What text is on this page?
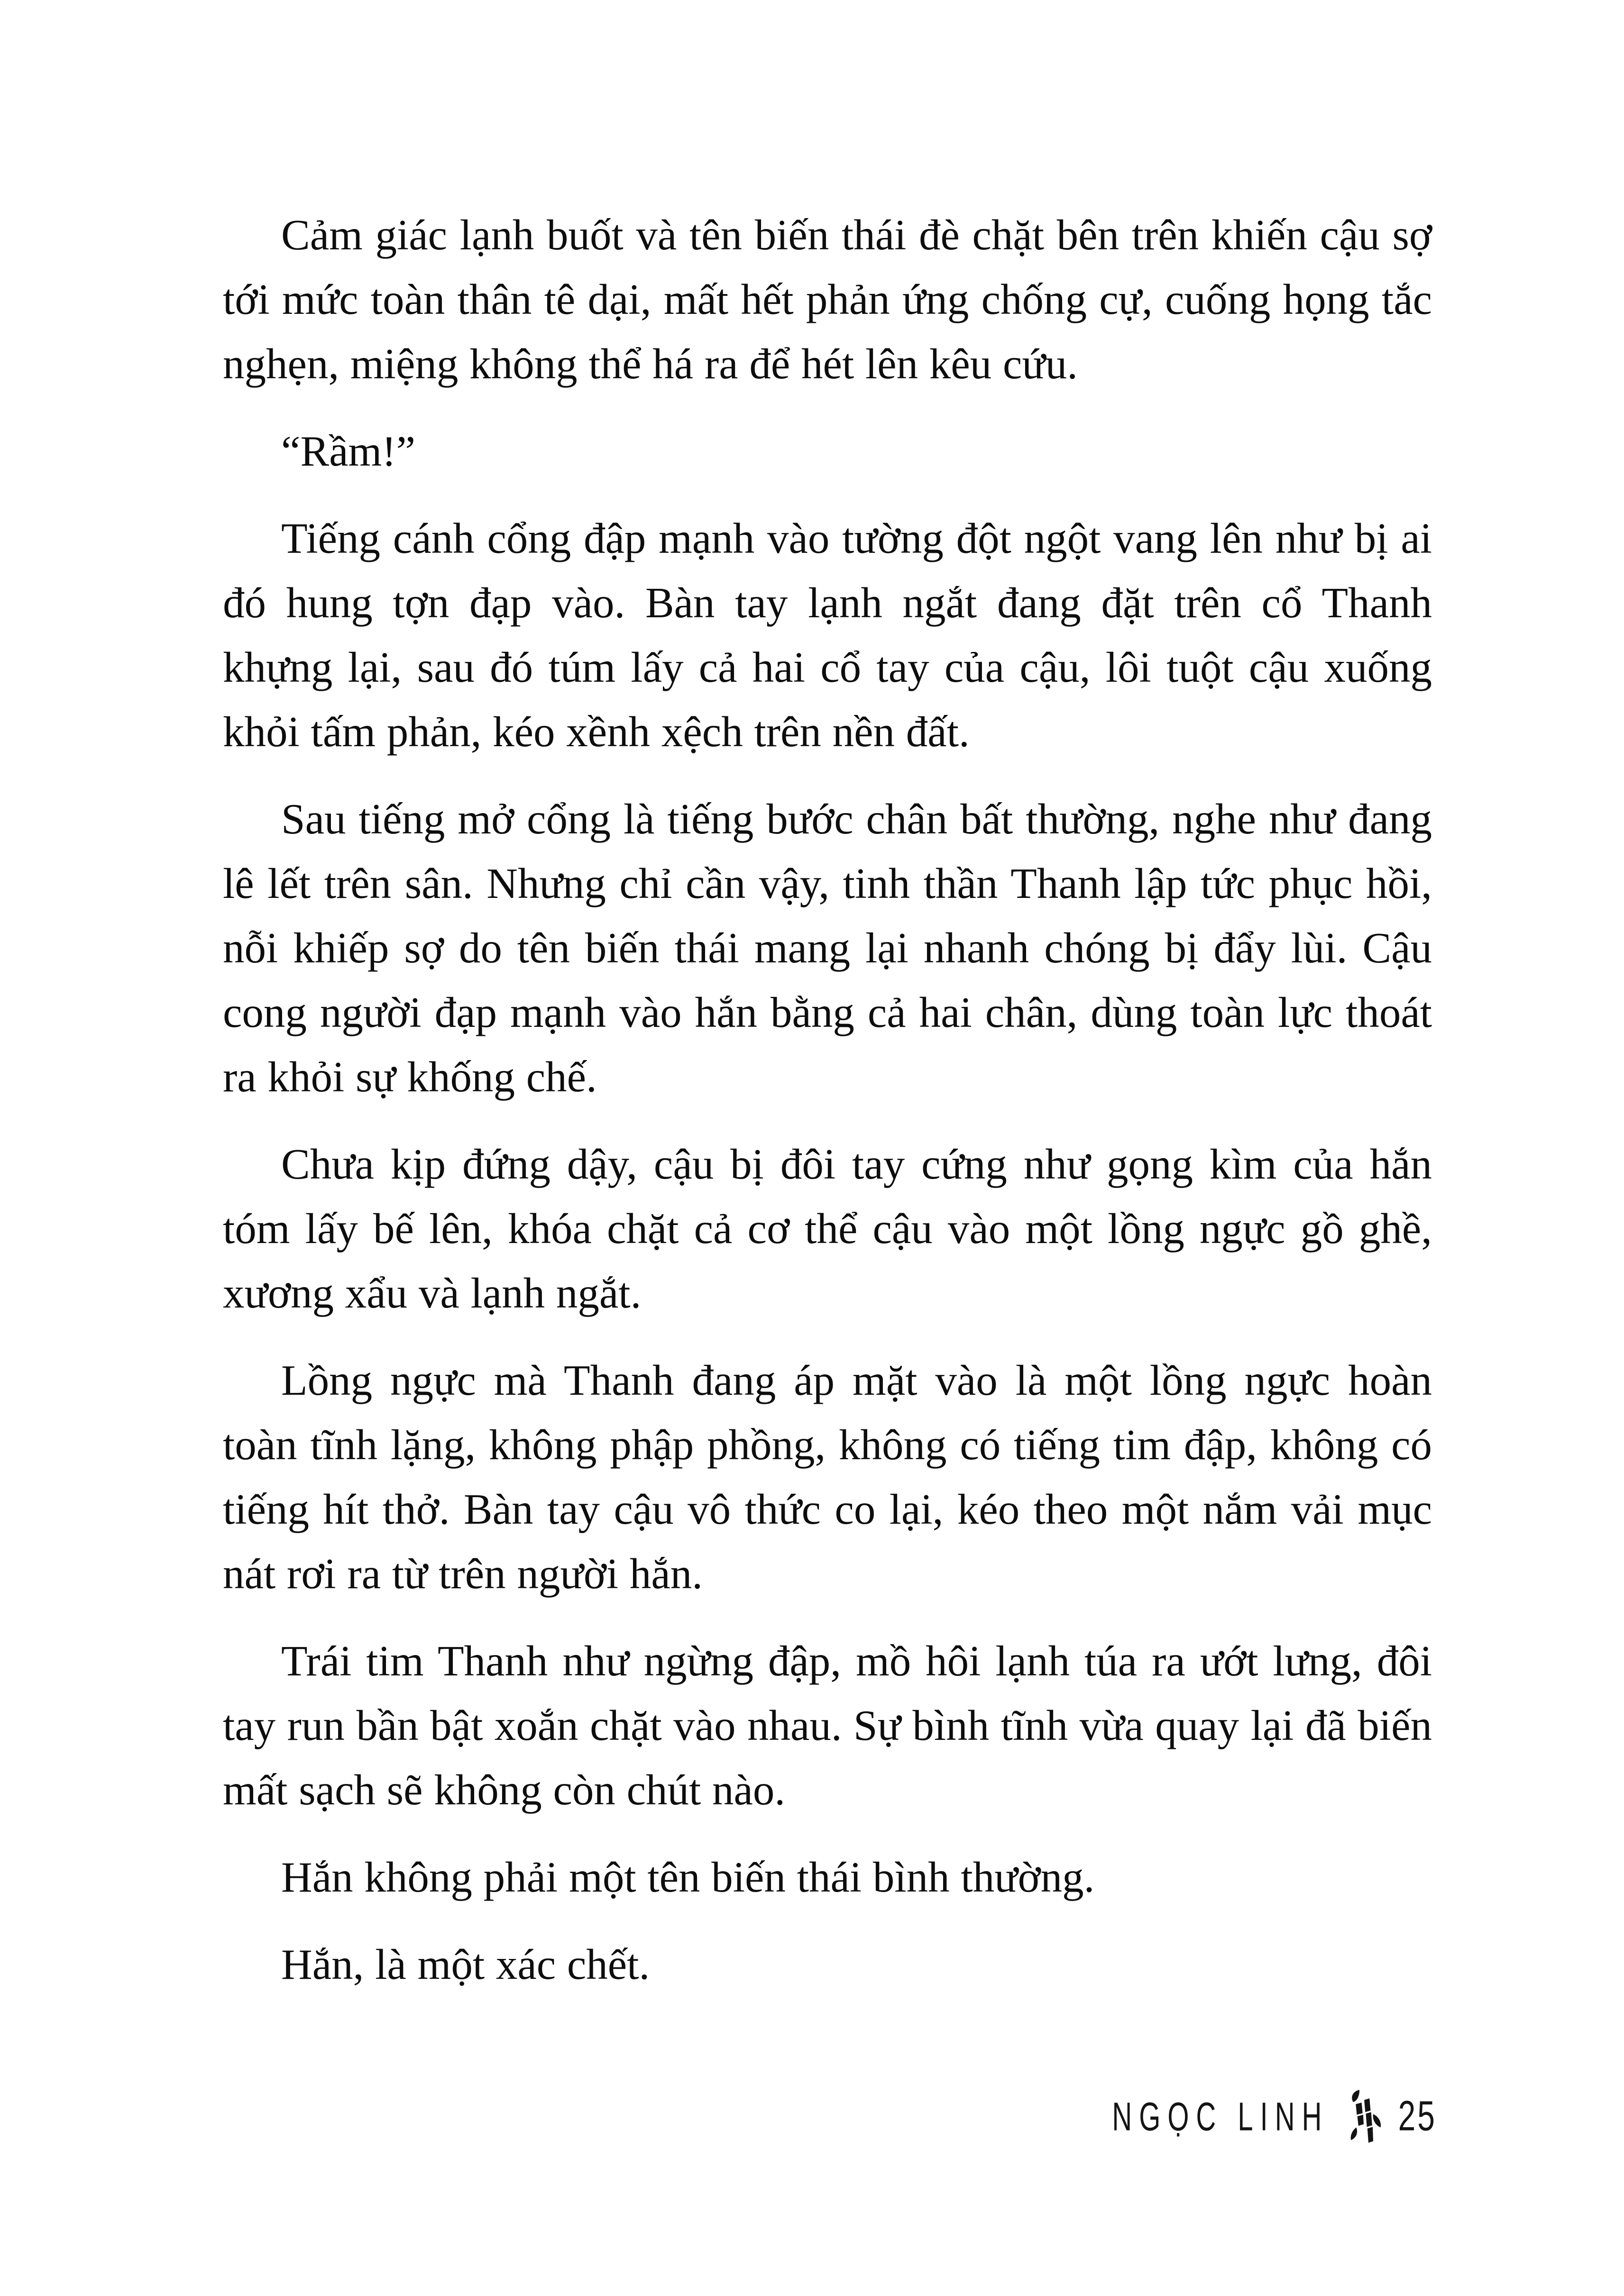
Cảm giác lạnh buốt và tên biến thái đè chặt bên trên khiến cậu sợ tới mức toàn thân tê dại, mất hết phản ứng chống cự, cuống họng tắc nghẹn, miệng không thể há ra để hét lên kêu cứu.

“Rầm!”

Tiếng cánh cổng đập mạnh vào tường đột ngột vang lên như bị ai đó hung tợn đạp vào. Bàn tay lạnh ngắt đang đặt trên cổ Thanh khựng lại, sau đó túm lấy cả hai cổ tay của cậu, lôi tuột cậu xuống khỏi tấm phản, kéo xềnh xệch trên nền đất.

Sau tiếng mở cổng là tiếng bước chân bất thường, nghe như đang lê lết trên sân. Nhưng chỉ cần vậy, tinh thần Thanh lập tức phục hồi, nỗi khiếp sợ do tên biến thái mang lại nhanh chóng bị đẩy lùi. Cậu cong người đạp mạnh vào hắn bằng cả hai chân, dùng toàn lực thoát ra khỏi sự khống chế.

Chưa kịp đứng dậy, cậu bị đôi tay cứng như gọng kìm của hắn tóm lấy bế lên, khóa chặt cả cơ thể cậu vào một lồng ngực gồ ghề, xương xẩu và lạnh ngắt.

Lồng ngực mà Thanh đang áp mặt vào là một lồng ngực hoàn toàn tĩnh lặng, không phập phồng, không có tiếng tim đập, không có tiếng hít thở. Bàn tay cậu vô thức co lại, kéo theo một nắm vải mục nát rơi ra từ trên người hắn.

Trái tim Thanh như ngừng đập, mồ hôi lạnh túa ra ướt lưng, đôi tay run bần bật xoắn chặt vào nhau. Sự bình tĩnh vừa quay lại đã biến mất sạch sẽ không còn chút nào.

Hắn không phải một tên biến thái bình thường.

Hắn, là một xác chết.

NGỌC LINH 25
